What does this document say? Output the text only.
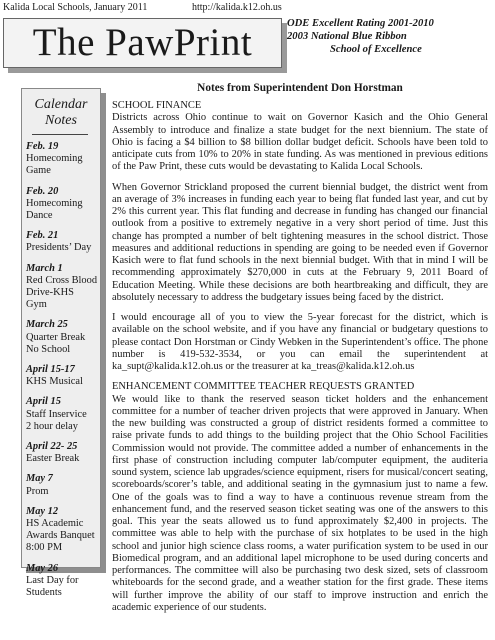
Kalida Local Schools, January 2011	http://kalida.k12.oh.us
The PawPrint	ODE Excellent Rating 2001-2010
2003 National Blue Ribbon
School of Excellence
Calendar
Notes
Feb. 19
Homecoming
Game
Feb. 20
Homecoming
Dance
Feb. 21
Presidents’ Day
March 1
Red Cross Blood
Drive-KHS Gym
March 25
Quarter Break
No School
April 15-17
KHS Musical
April 15
Staff Inservice
2 hour delay
April 22- 25
Easter Break
May 7
Prom
May 12
HS Academic
Awards Banquet
8:00 PM
May 26
Last Day for
Students
Notes from Superintendent Don Horstman
SCHOOL FINANCE

Districts across Ohio continue to wait on Governor Kasich and the Ohio General Assembly to introduce and finalize a state budget for the next biennium. The state of Ohio is facing a $4 billion to $8 billion dollar budget deficit. Schools have been told to anticipate cuts from 10% to 20% in state funding. As was mentioned in previous editions of the Paw Print, these cuts would be devastating to Kalida Local Schools.

When Governor Strickland proposed the current biennial budget, the district went from an average of 3% increases in funding each year to being flat funded last year, and cut by 2% this current year. This flat funding and decrease in funding has changed our financial outlook from a positive to extremely negative in a very short period of time. Just this change has prompted a number of belt tightening measures in the school district. Those measures and additional reductions in spending are going to be needed even if Governor Kasich were to flat fund schools in the next biennial budget. With that in mind I will be recommending approximately $270,000 in cuts at the February 9, 2011 Board of Education Meeting. While these decisions are both heartbreaking and difficult, they are absolutely necessary to address the budgetary issues being faced by the district.

I would encourage all of you to view the 5-year forecast for the district, which is available on the school website, and if you have any financial or budgetary questions to please contact Don Horstman or Cindy Webken in the Superintendent’s office. The phone number is 419-532-3534, or you can email the superintendent at ka_supt@kalida.k12.oh.us or the treasurer at ka_treas@kalida.k12.oh.us

ENHANCEMENT COMMITTEE TEACHER REQUESTS GRANTED

We would like to thank the reserved season ticket holders and the enhancement committee for a number of teacher driven projects that were approved in January. When the new building was constructed a group of district residents formed a committee to raise private funds to add things to the building project that the Ohio School Facilities Commission would not provide. The committee added a number of enhancements in the first phase of construction including computer lab/computer equipment, the auditeria sound system, science lab upgrades/science equipment, risers for musical/concert seating, scoreboards/scorer’s table, and additional seating in the gymnasium just to name a few. One of the goals was to find a way to have a continuous revenue stream from the enhancement fund, and the reserved season ticket seating was one of the answers to this goal. This year the seats allowed us to fund approximately $2,400 in projects. The committee was able to help with the purchase of six hotplates to be used in the high school and junior high science class rooms, a water purification system to be used in our Biomedical program, and an additional lapel microphone to be used during concerts and performances. The committee will also be purchasing two desk sized, sets of classroom whiteboards for the second grade, and a weather station for the first grade. These items will further improve the ability of our staff to improve instruction and enrich the academic experience of our students.
